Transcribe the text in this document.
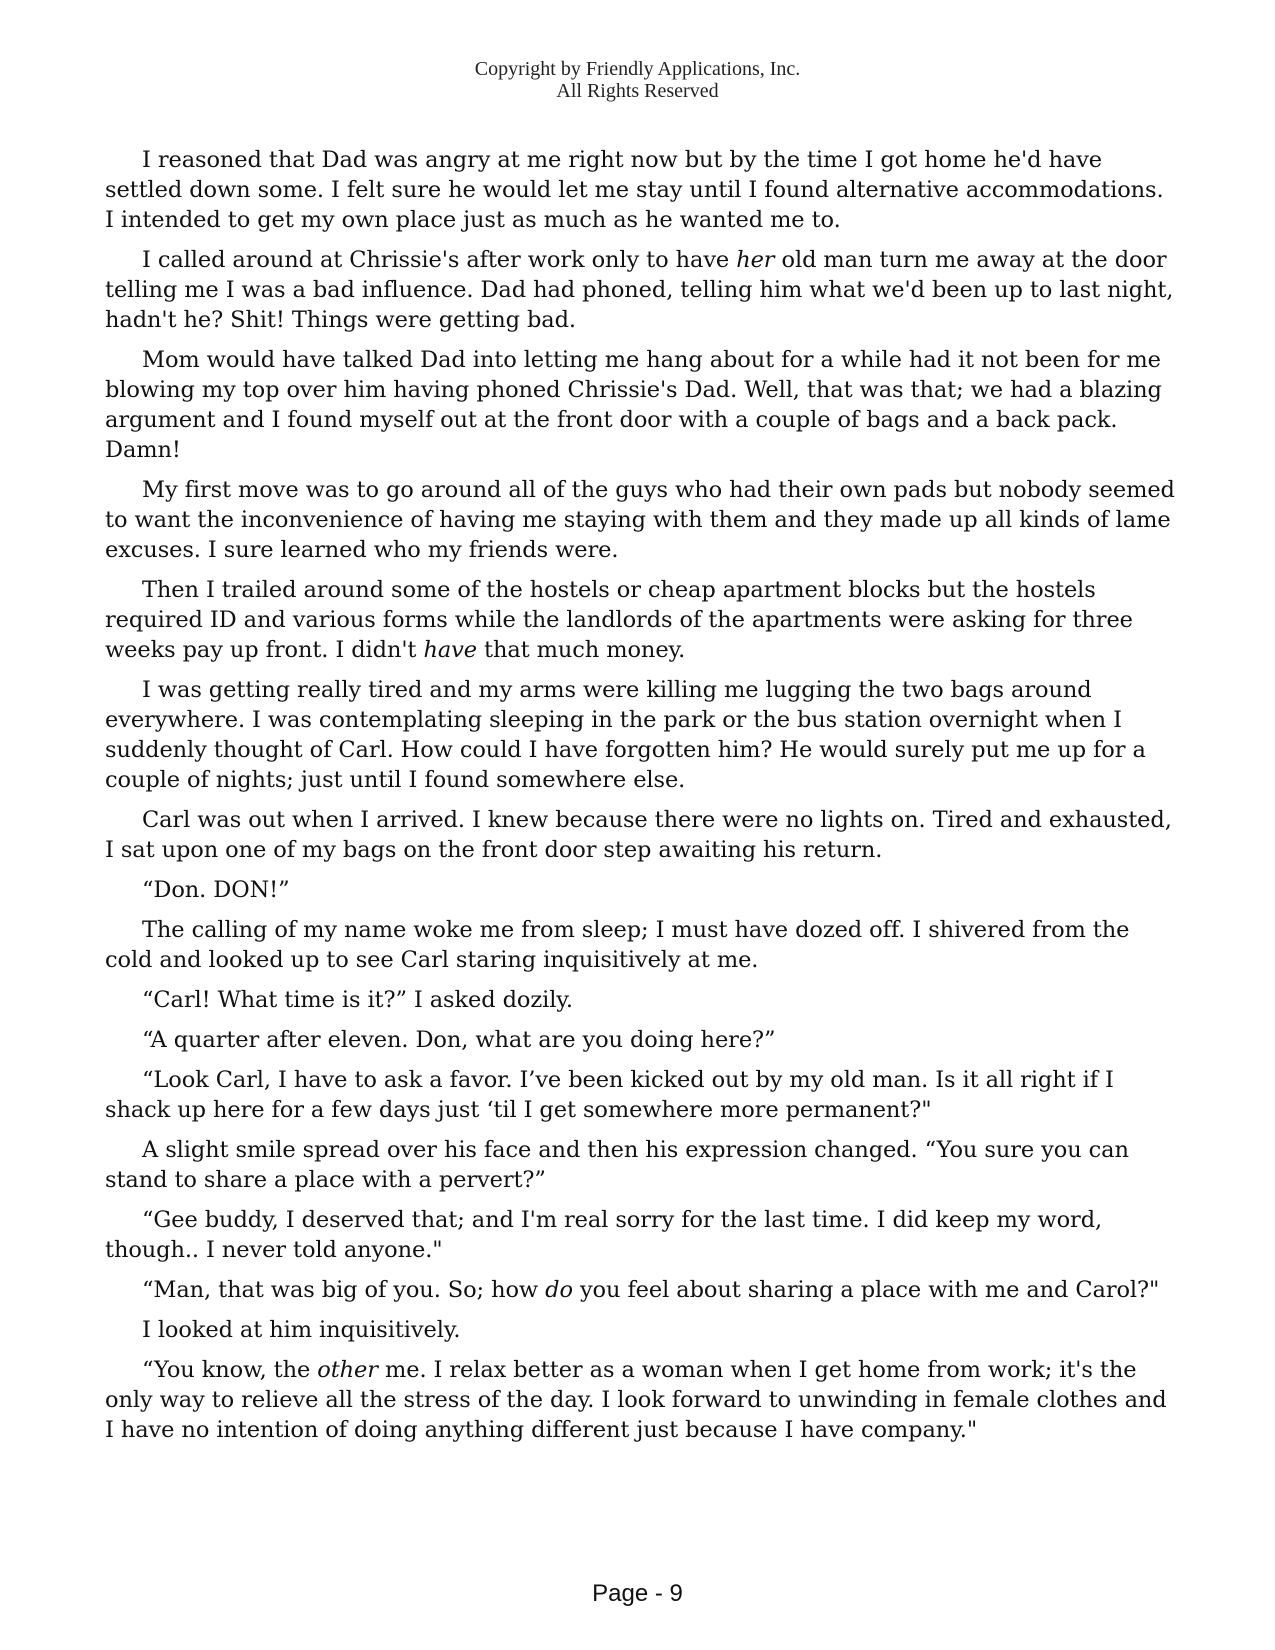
Copyright by Friendly Applications, Inc.
All Rights Reserved

I reasoned that Dad was angry at me right now but by the time I got home he'd have settled down some. I felt sure he would let me stay until I found alternative accommodations. I intended to get my own place just as much as he wanted me to.

I called around at Chrissie's after work only to have her old man turn me away at the door telling me I was a bad influence. Dad had phoned, telling him what we'd been up to last night, hadn't he? Shit! Things were getting bad.

Mom would have talked Dad into letting me hang about for a while had it not been for me blowing my top over him having phoned Chrissie's Dad. Well, that was that; we had a blazing argument and I found myself out at the front door with a couple of bags and a back pack. Damn!

My first move was to go around all of the guys who had their own pads but nobody seemed to want the inconvenience of having me staying with them and they made up all kinds of lame excuses. I sure learned who my friends were.

Then I trailed around some of the hostels or cheap apartment blocks but the hostels required ID and various forms while the landlords of the apartments were asking for three weeks pay up front. I didn't have that much money.

I was getting really tired and my arms were killing me lugging the two bags around everywhere. I was contemplating sleeping in the park or the bus station overnight when I suddenly thought of Carl. How could I have forgotten him? He would surely put me up for a couple of nights; just until I found somewhere else.

Carl was out when I arrived. I knew because there were no lights on. Tired and exhausted, I sat upon one of my bags on the front door step awaiting his return.

“Don. DON!”

The calling of my name woke me from sleep; I must have dozed off. I shivered from the cold and looked up to see Carl staring inquisitively at me.

“Carl! What time is it?” I asked dozily.

“A quarter after eleven. Don, what are you doing here?”

“Look Carl, I have to ask a favor. I’ve been kicked out by my old man. Is it all right if I shack up here for a few days just ‘til I get somewhere more permanent?"

A slight smile spread over his face and then his expression changed. “You sure you can stand to share a place with a pervert?”

“Gee buddy, I deserved that; and I'm real sorry for the last time. I did keep my word, though.. I never told anyone."

“Man, that was big of you. So; how do you feel about sharing a place with me and Carol?"

I looked at him inquisitively.

“You know, the other me. I relax better as a woman when I get home from work; it's the only way to relieve all the stress of the day. I look forward to unwinding in female clothes and I have no intention of doing anything different just because I have company."

Page - 9
